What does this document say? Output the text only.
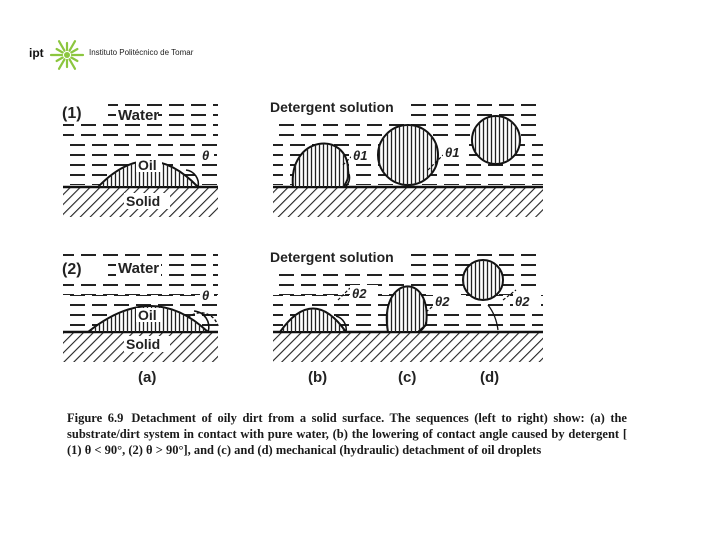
ipt	Instituto Politécnico de Tomar
(1) Water
Oil
Solid
θ
(2) Water
Oil
Solid
θ
Detergent solution
θ1	θ1
Detergent solution
θ2
θ2	θ2
(a)	(b)	(c)	(d)
Figure 6.9 Detachment of oily dirt from a solid surface. The sequences (left to right) show: (a) the substrate/dirt system in contact with pure water, (b) the lowering of contact angle caused by detergent [ (1) θ < 90°, (2) θ > 90°], and (c) and (d) mechanical (hydraulic) detachment of oil droplets
